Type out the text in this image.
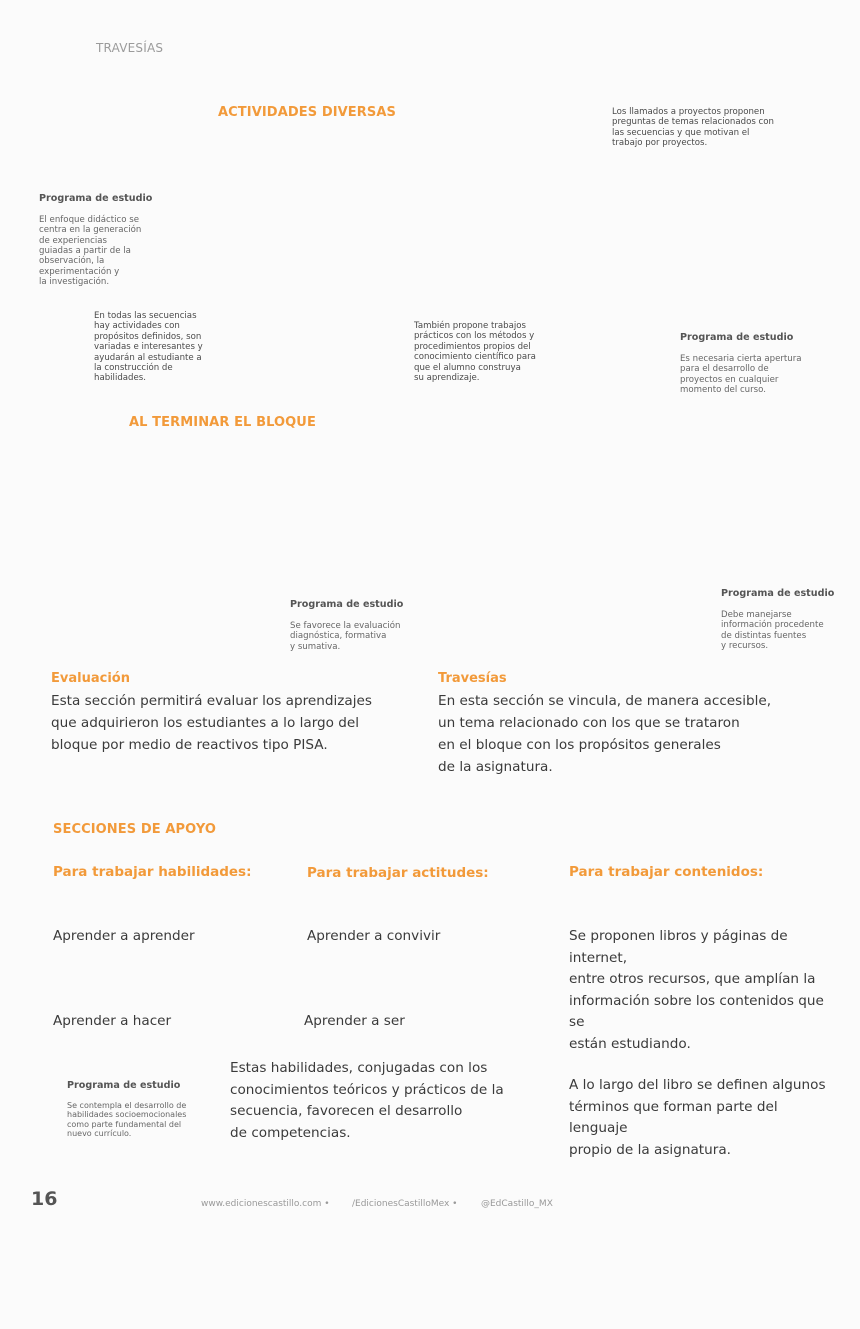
TRAVESÍAS
ACTIVIDADES DIVERSAS	Los llamados a proyectos proponen
preguntas de temas relacionados con
las secuencias y que motivan el
trabajo por proyectos.

Programa de estudio

El enfoque didáctico se
centra en la generación
de experiencias
guiadas a partir de la
observación, la
experimentación y
la investigación.

En todas las secuencias
hay actividades con
propósitos definidos, son
variadas e interesantes y
ayudarán al estudiante a
la construcción de
habilidades.
También propone trabajos
prácticos con los métodos y
procedimientos propios del
conocimiento científico para
que el alumno construya
su aprendizaje.

Programa de estudio

Es necesaria cierta apertura
para el desarrollo de
proyectos en cualquier
momento del curso.

AL TERMINAR EL BLOQUE

Programa de estudio

Se favorece la evaluación
diagnóstica, formativa
y sumativa.

Programa de estudio

Debe manejarse
información procedente
de distintas fuentes
y recursos.

Evaluación
Esta sección permitirá evaluar los aprendizajes
que adquirieron los estudiantes a lo largo del
bloque por medio de reactivos tipo PISA.
Travesías
En esta sección se vincula, de manera accesible,
un tema relacionado con los que se trataron
en el bloque con los propósitos generales
de la asignatura.
SECCIONES DE APOYO
Para trabajar habilidades:	Para trabajar actitudes:	Para trabajar contenidos:
Aprender a aprender	Aprender a convivir	Se proponen libros y páginas de internet,
entre otros recursos, que amplían la
información sobre los contenidos que se
están estudiando.
Aprender a hacer	Aprender a ser

Programa de estudio

Se contempla el desarrollo de
habilidades socioemocionales
como parte fundamental del
nuevo currículo.

Estas habilidades, conjugadas con los
conocimientos teóricos y prácticos de la
secuencia, favorecen el desarrollo
de competencias.
A lo largo del libro se definen algunos
términos que forman parte del lenguaje
propio de la asignatura.
16	www.edicionescastillo.com • /EdicionesCastilloMex •	@EdCastillo_MX
